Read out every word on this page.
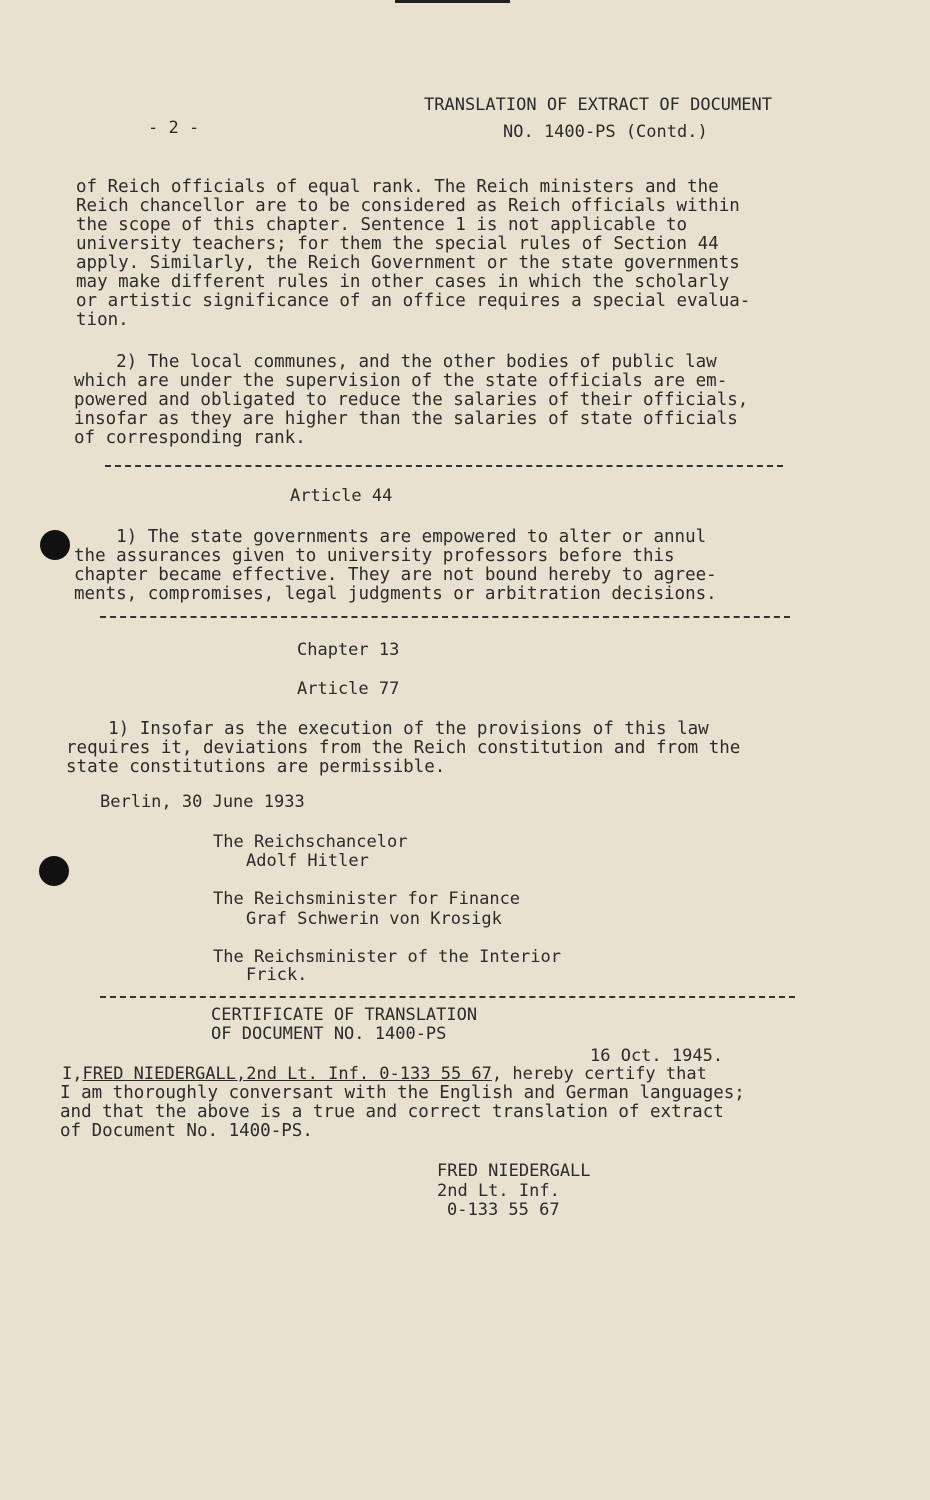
- 2 -
TRANSLATION OF EXTRACT OF DOCUMENT
NO. 1400-PS (Contd.)
of Reich officials of equal rank. The Reich ministers and the
Reich chancellor are to be considered as Reich officials within
the scope of this chapter. Sentence 1 is not applicable to
university teachers; for them the special rules of Section 44
apply. Similarly, the Reich Government or the state governments
may make different rules in other cases in which the scholarly
or artistic significance of an office requires a special evalua-
tion.
2) The local communes, and the other bodies of public law
which are under the supervision of the state officials are em-
powered and obligated to reduce the salaries of their officials,
insofar as they are higher than the salaries of state officials
of corresponding rank.
Article 44
1) The state governments are empowered to alter or annul
the assurances given to university professors before this
chapter became effective. They are not bound hereby to agree-
ments, compromises, legal judgments or arbitration decisions.
Chapter 13
Article 77
1) Insofar as the execution of the provisions of this law
requires it, deviations from the Reich constitution and from the
state constitutions are permissible.
Berlin, 30 June 1933
The Reichschancelor
Adolf Hitler
The Reichsminister for Finance
Graf Schwerin von Krosigk
The Reichsminister of the Interior
Frick.
CERTIFICATE OF TRANSLATION
OF DOCUMENT NO. 1400-PS
16 Oct. 1945.
I,FRED NIEDERGALL,2nd Lt. Inf. 0-133 55 67, hereby certify that
I am thoroughly conversant with the English and German languages;
and that the above is a true and correct translation of extract
of Document No. 1400-PS.
FRED NIEDERGALL
2nd Lt. Inf.
0-133 55 67
